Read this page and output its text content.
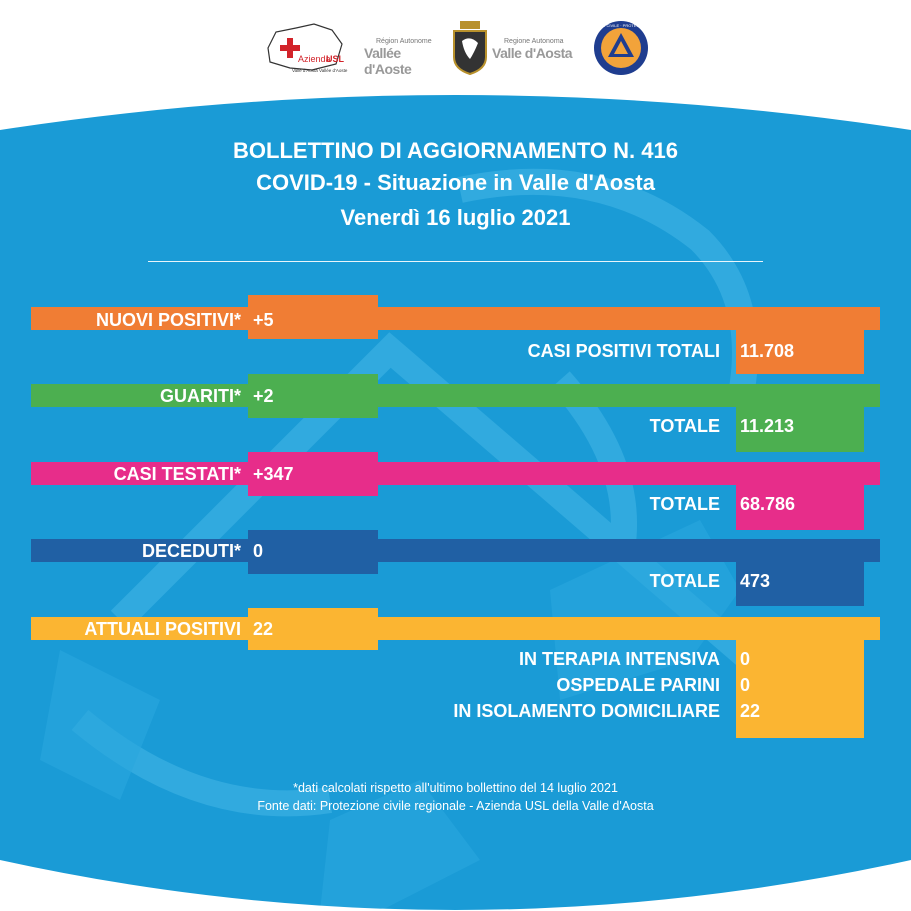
Azienda
USL
Valle d'Aosta Vallée d'Aoste
Région Autonome
Vallée d'Aoste
Regione Autonoma
Valle d'Aosta
PROTEZIONE CIVILE · PROTECTION CIVILE
BOLLETTINO DI AGGIORNAMENTO N. 416
COVID-19 - Situazione in Valle d'Aosta
Venerdì 16 luglio 2021
NUOVI POSITIVI* +5
CASI POSITIVI TOTALI 11.708
GUARITI* +2
TOTALE 11.213
CASI TESTATI* +347
TOTALE 68.786
DECEDUTI* 0
TOTALE 473
ATTUALI POSITIVI 22
IN TERAPIA INTENSIVA 0
OSPEDALE PARINI 0
IN ISOLAMENTO DOMICILIARE 22
*dati calcolati rispetto all'ultimo bollettino del 14 luglio 2021
Fonte dati: Protezione civile regionale - Azienda USL della Valle d'Aosta
